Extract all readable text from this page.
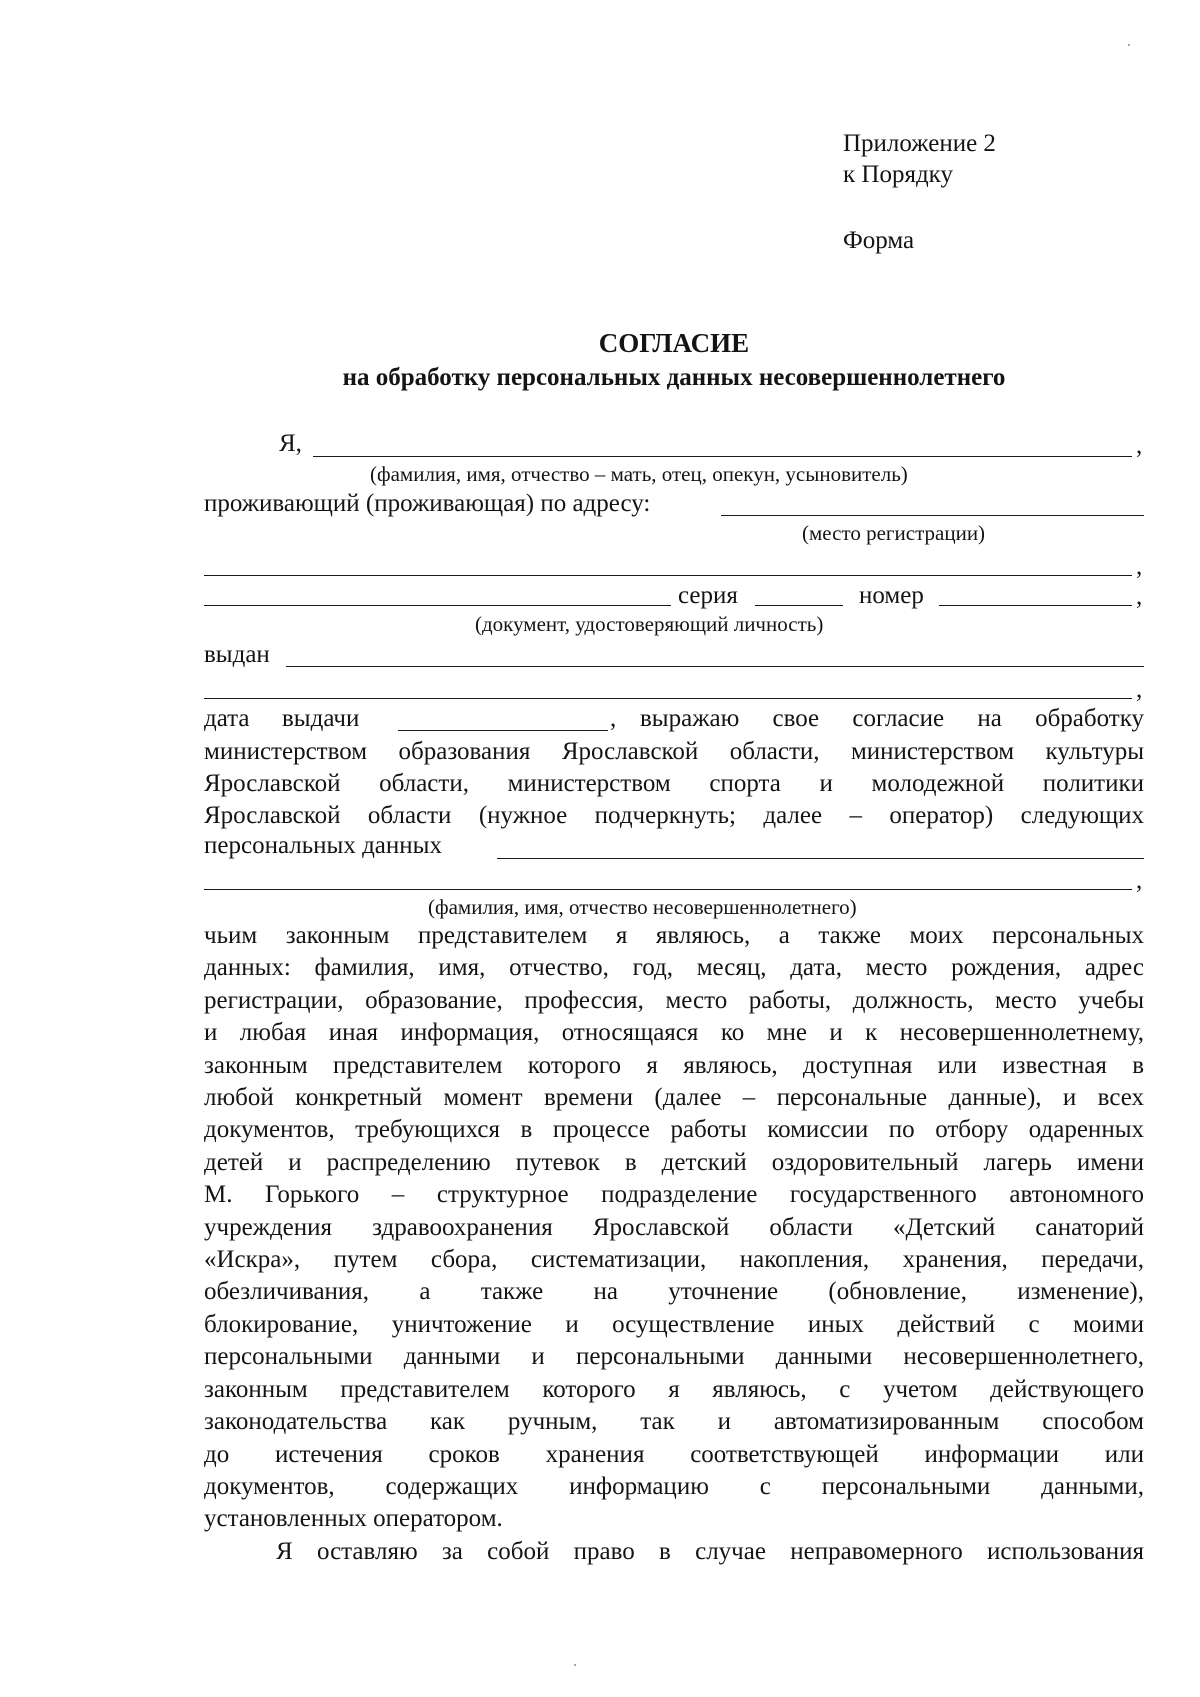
Приложение 2
к Порядку
Форма
СОГЛАСИЕ
на обработку персональных данных несовершеннолетнего
Я,	,
(фамилия, имя, отчество – мать, отец, опекун, усыновитель)
проживающий (проживающая) по адресу:
(место регистрации)
,
серия	номер	,
(документ, удостоверяющий личность)
выдан
,
дата выдачи	, выражаю свое согласие на обработку
министерством образования Ярославской области, министерством культуры
Ярославской области, министерством спорта и молодежной политики
Ярославской области (нужное подчеркнуть; далее – оператор) следующих
персональных данных
,
(фамилия, имя, отчество несовершеннолетнего)
чьим законным представителем я являюсь, а также моих персональных
данных: фамилия, имя, отчество, год, месяц, дата, место рождения, адрес
регистрации, образование, профессия, место работы, должность, место учебы
и любая иная информация, относящаяся ко мне и к несовершеннолетнему,
законным представителем которого я являюсь, доступная или известная в
любой конкретный момент времени (далее – персональные данные), и всех
документов, требующихся в процессе работы комиссии по отбору одаренных
детей и распределению путевок в детский оздоровительный лагерь имени
М. Горького – структурное подразделение государственного автономного
учреждения здравоохранения Ярославской области «Детский санаторий
«Искра», путем сбора, систематизации, накопления, хранения, передачи,
обезличивания, а также на уточнение (обновление, изменение),
блокирование, уничтожение и осуществление иных действий с моими
персональными данными и персональными данными несовершеннолетнего,
законным представителем которого я являюсь, с учетом действующего
законодательства как ручным, так и автоматизированным способом
до истечения сроков хранения соответствующей информации или
документов, содержащих информацию с персональными данными,
установленных оператором.
Я оставляю за собой право в случае неправомерного использования
